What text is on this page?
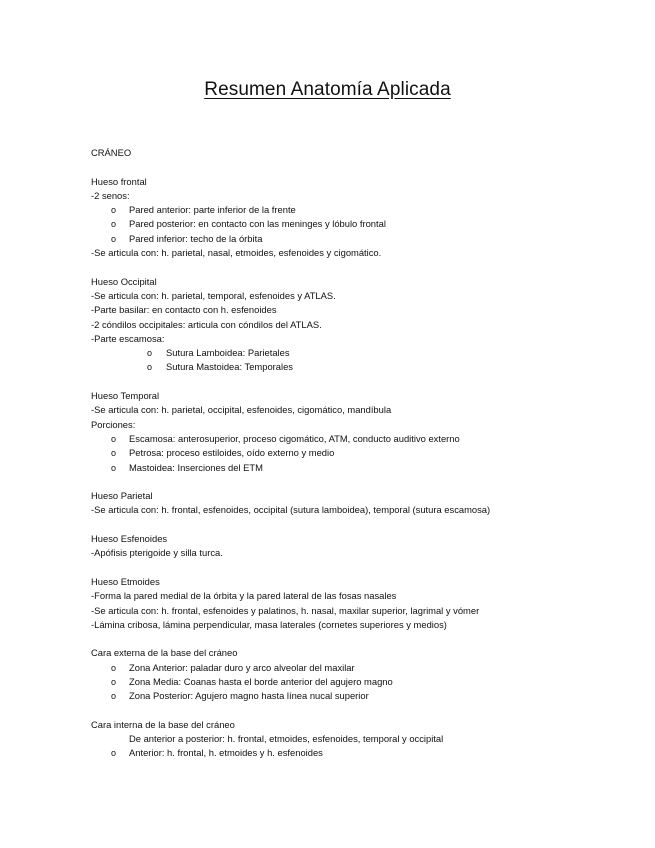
Resumen Anatomía Aplicada
CRÁNEO
Hueso frontal
-2 senos:
o Pared anterior: parte inferior de la frente
o Pared posterior: en contacto con las meninges y lóbulo frontal
o Pared inferior: techo de la órbita
-Se articula con: h. parietal, nasal, etmoides, esfenoides y cigomático.
Hueso Occipital
-Se articula con: h. parietal, temporal, esfenoides y ATLAS.
-Parte basilar: en contacto con h. esfenoides
-2 cóndilos occipitales: articula con cóndilos del ATLAS.
-Parte escamosa:
o Sutura Lamboidea: Parietales
o Sutura Mastoidea: Temporales
Hueso Temporal
-Se articula con: h. parietal, occipital, esfenoides, cigomático, mandíbula
Porciones:
o Escamosa: anterosuperior, proceso cigomático, ATM, conducto auditivo externo
o Petrosa: proceso estiloides, oído externo y medio
o Mastoidea: Inserciones del ETM
Hueso Parietal
-Se articula con: h. frontal, esfenoides, occipital (sutura lamboidea), temporal (sutura escamosa)
Hueso Esfenoides
-Apófisis pterigoide y silla turca.
Hueso Etmoides
-Forma la pared medial de la órbita y la pared lateral de las fosas nasales
-Se articula con: h. frontal, esfenoides y palatinos, h. nasal, maxilar superior, lagrimal y vómer
-Lámina cribosa, lámina perpendicular, masa laterales (cornetes superiores y medios)
Cara externa de la base del cráneo
o Zona Anterior: paladar duro y arco alveolar del maxilar
o Zona Media: Coanas hasta el borde anterior del agujero magno
o Zona Posterior: Agujero magno hasta línea nucal superior
Cara interna de la base del cráneo
De anterior a posterior: h. frontal, etmoides, esfenoides, temporal y occipital
o Anterior: h. frontal, h. etmoides y h. esfenoides
